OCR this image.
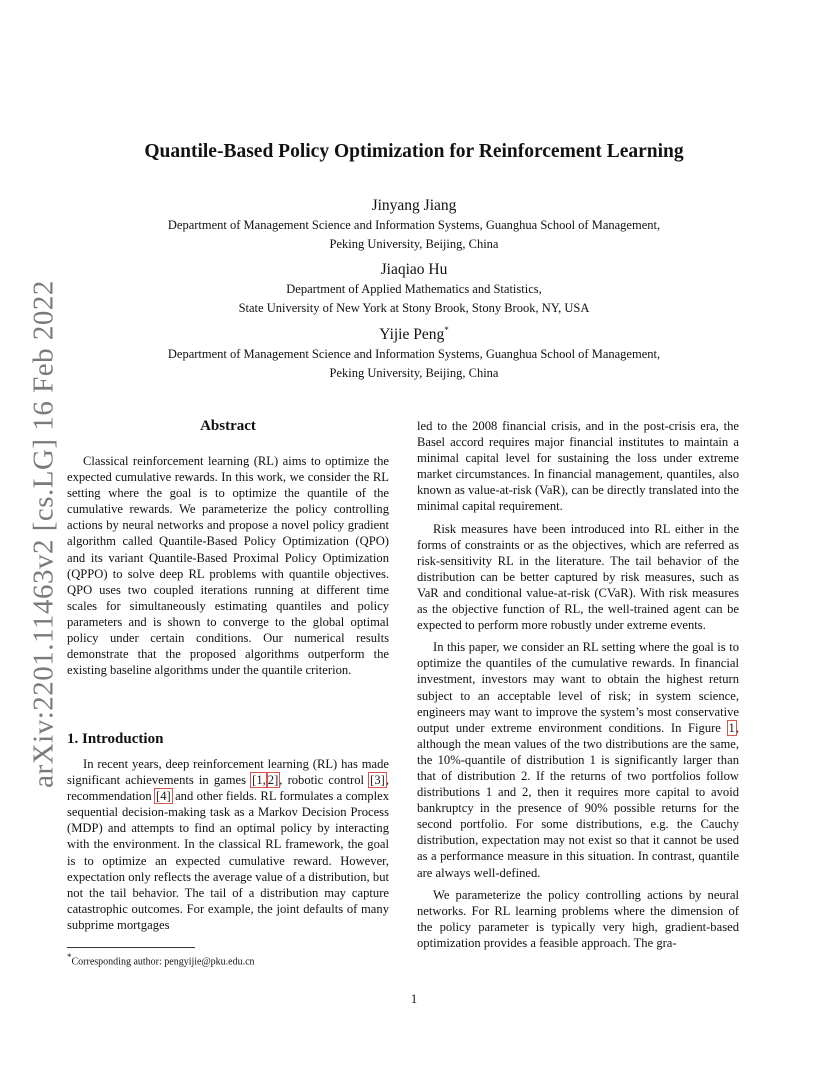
arXiv:2201.11463v2 [cs.LG] 16 Feb 2022
Quantile-Based Policy Optimization for Reinforcement Learning
Jinyang Jiang
Department of Management Science and Information Systems, Guanghua School of Management,
Peking University, Beijing, China
Jiaqiao Hu
Department of Applied Mathematics and Statistics,
State University of New York at Stony Brook, Stony Brook, NY, USA
Yijie Peng*
Department of Management Science and Information Systems, Guanghua School of Management,
Peking University, Beijing, China
Abstract

Classical reinforcement learning (RL) aims to optimize the expected cumulative rewards. In this work, we consider the RL setting where the goal is to optimize the quantile of the cumulative rewards. We parameterize the policy controlling actions by neural networks and propose a novel policy gradient algorithm called Quantile-Based Policy Optimization (QPO) and its variant Quantile-Based Proximal Policy Optimization (QPPO) to solve deep RL problems with quantile objectives. QPO uses two coupled iterations running at different time scales for simultaneously estimating quantiles and policy parameters and is shown to converge to the global optimal policy under certain conditions. Our numerical results demonstrate that the proposed algorithms outperform the existing baseline algorithms under the quantile criterion.

1. Introduction

In recent years, deep reinforcement learning (RL) has made significant achievements in games [1, 2], robotic control [3], recommendation [4] and other fields. RL formulates a complex sequential decision-making task as a Markov Decision Process (MDP) and attempts to find an optimal policy by interacting with the environment. In the classical RL framework, the goal is to optimize an expected cumulative reward. However, expectation only reflects the average value of a distribution, but not the tail behavior. The tail of a distribution may capture catastrophic outcomes. For example, the joint defaults of many subprime mortgages

led to the 2008 financial crisis, and in the post-crisis era, the Basel accord requires major financial institutes to maintain a minimal capital level for sustaining the loss under extreme market circumstances. In financial management, quantiles, also known as value-at-risk (VaR), can be directly translated into the minimal capital requirement.

Risk measures have been introduced into RL either in the forms of constraints or as the objectives, which are referred as risk-sensitivity RL in the literature. The tail behavior of the distribution can be better captured by risk measures, such as VaR and conditional value-at-risk (CVaR). With risk measures as the objective function of RL, the well-trained agent can be expected to perform more robustly under extreme events.

In this paper, we consider an RL setting where the goal is to optimize the quantiles of the cumulative rewards. In financial investment, investors may want to obtain the highest return subject to an acceptable level of risk; in system science, engineers may want to improve the system’s most conservative output under extreme environment conditions. In Figure 1, although the mean values of the two distributions are the same, the 10%-quantile of distribution 1 is significantly larger than that of distribution 2. If the returns of two portfolios follow distributions 1 and 2, then it requires more capital to avoid bankruptcy in the presence of 90% possible returns for the second portfolio. For some distributions, e.g. the Cauchy distribution, expectation may not exist so that it cannot be used as a performance measure in this situation. In contrast, quantile are always well-defined.

We parameterize the policy controlling actions by neural networks. For RL learning problems where the dimension of the policy parameter is typically very high, gradient-based optimization provides a feasible approach. The gra-

*Corresponding author: pengyijie@pku.edu.cn
1
